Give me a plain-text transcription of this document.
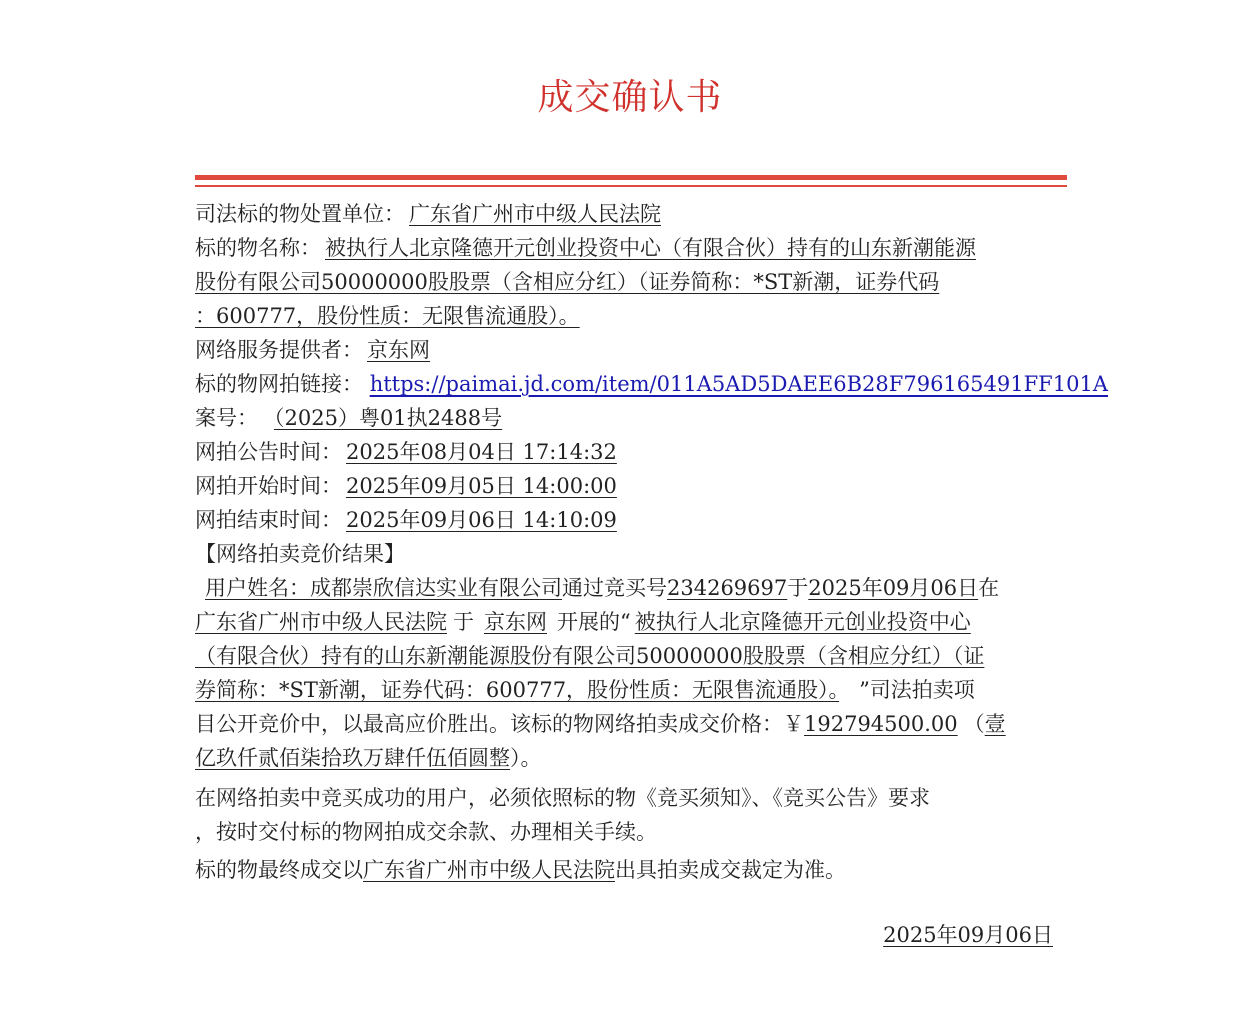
成交确认书
司法标的物处置单位： 广东省广州市中级人民法院
标的物名称： 被执行人北京隆德开元创业投资中心（有限合伙）持有的山东新潮能源
股份有限公司50000000股股票（含相应分红）（证券简称：*ST新潮，证券代码
：600777，股份性质：无限售流通股）。
网络服务提供者： 京东网
标的物网拍链接： https://paimai.jd.com/item/011A5AD5DAEE6B28F796165491FF101A
案号： （2025）粤01执2488号
网拍公告时间： 2025年08月04日 17:14:32
网拍开始时间： 2025年09月05日 14:00:00
网拍结束时间： 2025年09月06日 14:10:09
【网络拍卖竞价结果】
用户姓名：成都崇欣信达实业有限公司通过竞买号234269697于2025年09月06日在
广东省广州市中级人民法院 于 京东网 开展的“ 被执行人北京隆德开元创业投资中心
（有限合伙）持有的山东新潮能源股份有限公司50000000股股票（含相应分红）（证
券简称：*ST新潮，证券代码：600777，股份性质：无限售流通股）。 ”司法拍卖项
目公开竞价中，以最高应价胜出。该标的物网络拍卖成交价格：￥192794500.00 （壹
亿玖仟贰佰柒拾玖万肆仟伍佰圆整）。
在网络拍卖中竞买成功的用户，必须依照标的物《竞买须知》、《竞买公告》要求
，按时交付标的物网拍成交余款、办理相关手续。
标的物最终成交以广东省广州市中级人民法院出具拍卖成交裁定为准。
2025年09月06日
